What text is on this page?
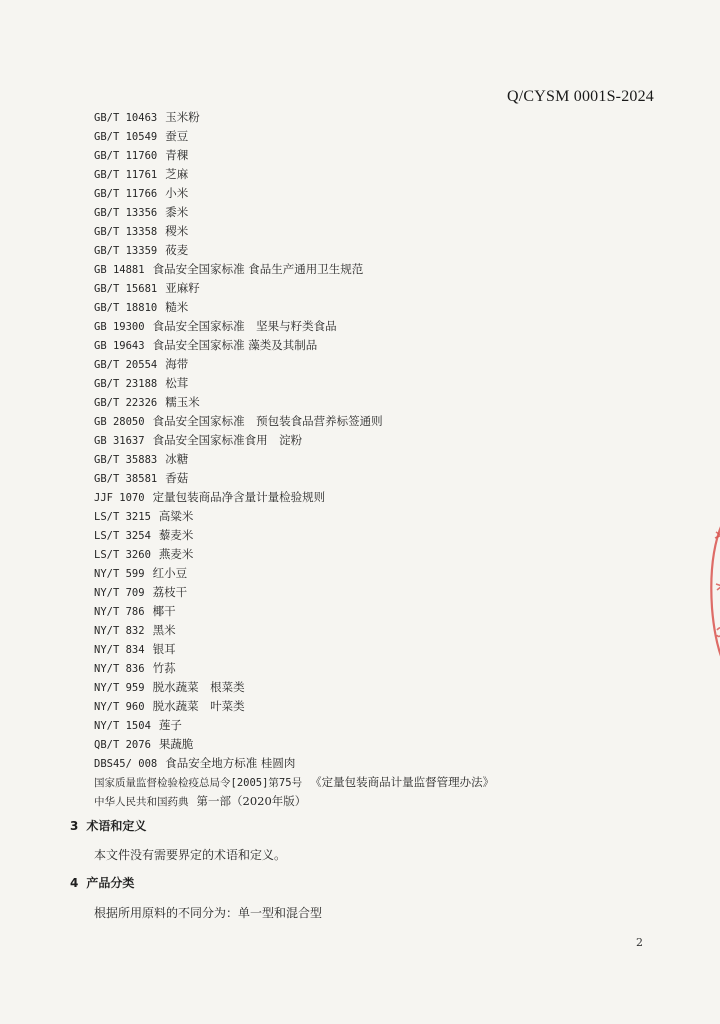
Q/CYSM 0001S-2024
GB/T 10463 玉米粉
GB/T 10549 蚕豆
GB/T 11760 青稞
GB/T 11761 芝麻
GB/T 11766 小米
GB/T 13356 黍米
GB/T 13358 稷米
GB/T 13359 莜麦
GB 14881 食品安全国家标准 食品生产通用卫生规范
GB/T 15681 亚麻籽
GB/T 18810 糙米
GB 19300 食品安全国家标准　坚果与籽类食品
GB 19643 食品安全国家标准 藻类及其制品
GB/T 20554 海带
GB/T 23188 松茸
GB/T 22326 糯玉米
GB 28050 食品安全国家标准　预包装食品营养标签通则
GB 31637 食品安全国家标准食用　淀粉
GB/T 35883 冰糖
GB/T 38581 香菇
JJF 1070 定量包装商品净含量计量检验规则
LS/T 3215 高粱米
LS/T 3254 藜麦米
LS/T 3260 燕麦米
NY/T 599 红小豆
NY/T 709 荔枝干
NY/T 786 椰干
NY/T 832 黑米
NY/T 834 银耳
NY/T 836 竹荪
NY/T 959 脱水蔬菜　根菜类
NY/T 960 脱水蔬菜　叶菜类
NY/T 1504 莲子
QB/T 2076 果蔬脆
DBS45/ 008 食品安全地方标准 桂圆肉
国家质量监督检验检疫总局令[2005]第75号 《定量包装商品计量监督管理办法》
中华人民共和国药典 第一部（2020年版）
3 术语和定义
本文件没有需要界定的术语和定义。
4 产品分类
根据所用原料的不同分为：单一型和混合型
2
